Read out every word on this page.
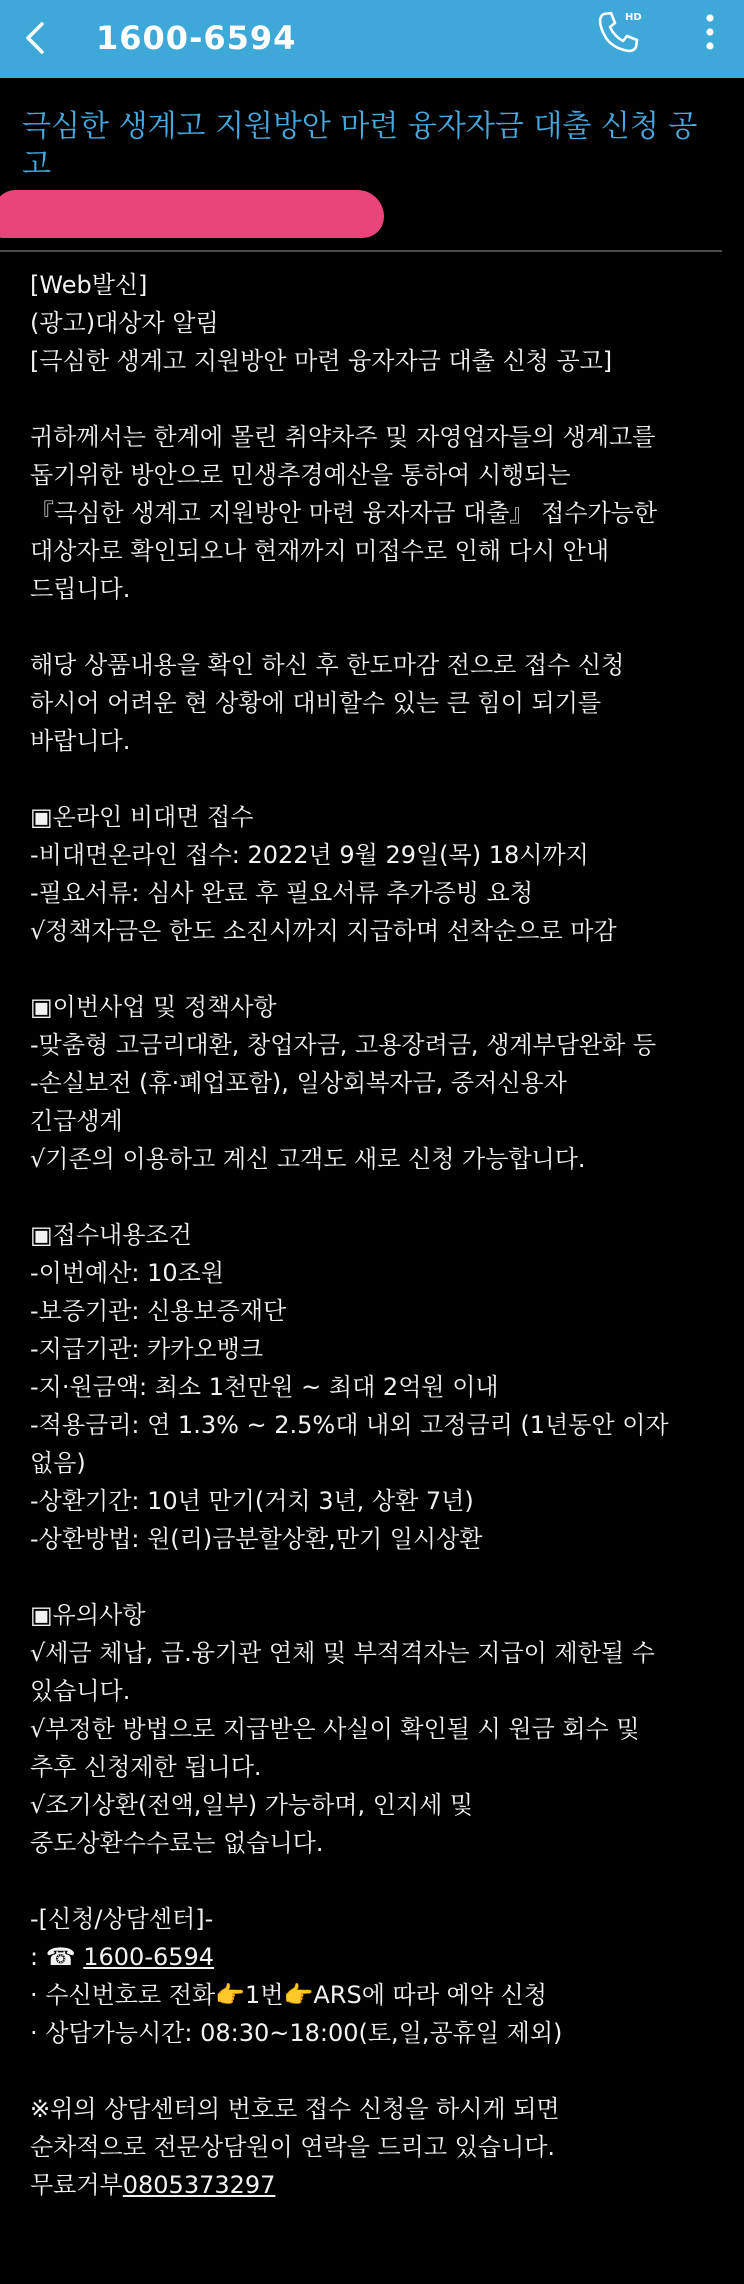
1600-6594
HD
극심한 생계고 지원방안 마련 융자자금 대출 신청 공고
[Web발신]
(광고)대상자 알림
[극심한 생계고 지원방안 마련 융자자금 대출 신청 공고]
귀하께서는 한계에 몰린 취약차주 및 자영업자들의 생계고를
돕기위한 방안으로 민생추경예산을 통하여 시행되는
『극심한 생계고 지원방안 마련 융자자금 대출』 접수가능한
대상자로 확인되오나 현재까지 미접수로 인해 다시 안내
드립니다.
해당 상품내용을 확인 하신 후 한도마감 전으로 접수 신청
하시어 어려운 현 상황에 대비할수 있는 큰 힘이 되기를
바랍니다.
▣온라인 비대면 접수
-비대면온라인 접수: 2022년 9월 29일(목) 18시까지
-필요서류: 심사 완료 후 필요서류 추가증빙 요청
√정책자금은 한도 소진시까지 지급하며 선착순으로 마감
▣이번사업 및 정책사항
-맞춤형 고금리대환, 창업자금, 고용장려금, 생계부담완화 등
-손실보전 (휴·폐업포함), 일상회복자금, 중저신용자
긴급생계
√기존의 이용하고 계신 고객도 새로 신청 가능합니다.
▣접수내용조건
-이번예산: 10조원
-보증기관: 신용보증재단
-지급기관: 카카오뱅크
-지·원금액: 최소 1천만원 ~ 최대 2억원 이내
-적용금리: 연 1.3% ~ 2.5%대 내외 고정금리 (1년동안 이자
없음)
-상환기간: 10년 만기(거치 3년, 상환 7년)
-상환방법: 원(리)금분할상환,만기 일시상환
▣유의사항
√세금 체납, 금.융기관 연체 및 부적격자는 지급이 제한될 수
있습니다.
√부정한 방법으로 지급받은 사실이 확인될 시 원금 회수 및
추후 신청제한 됩니다.
√조기상환(전액,일부) 가능하며, 인지세 및
중도상환수수료는 없습니다.
-[신청/상담센터]-
: ☎ 1600-6594
· 수신번호로 전화👉1번👉ARS에 따라 예약 신청
· 상담가능시간: 08:30~18:00(토,일,공휴일 제외)
※위의 상담센터의 번호로 접수 신청을 하시게 되면
순차적으로 전문상담원이 연락을 드리고 있습니다.
무료거부0805373297
